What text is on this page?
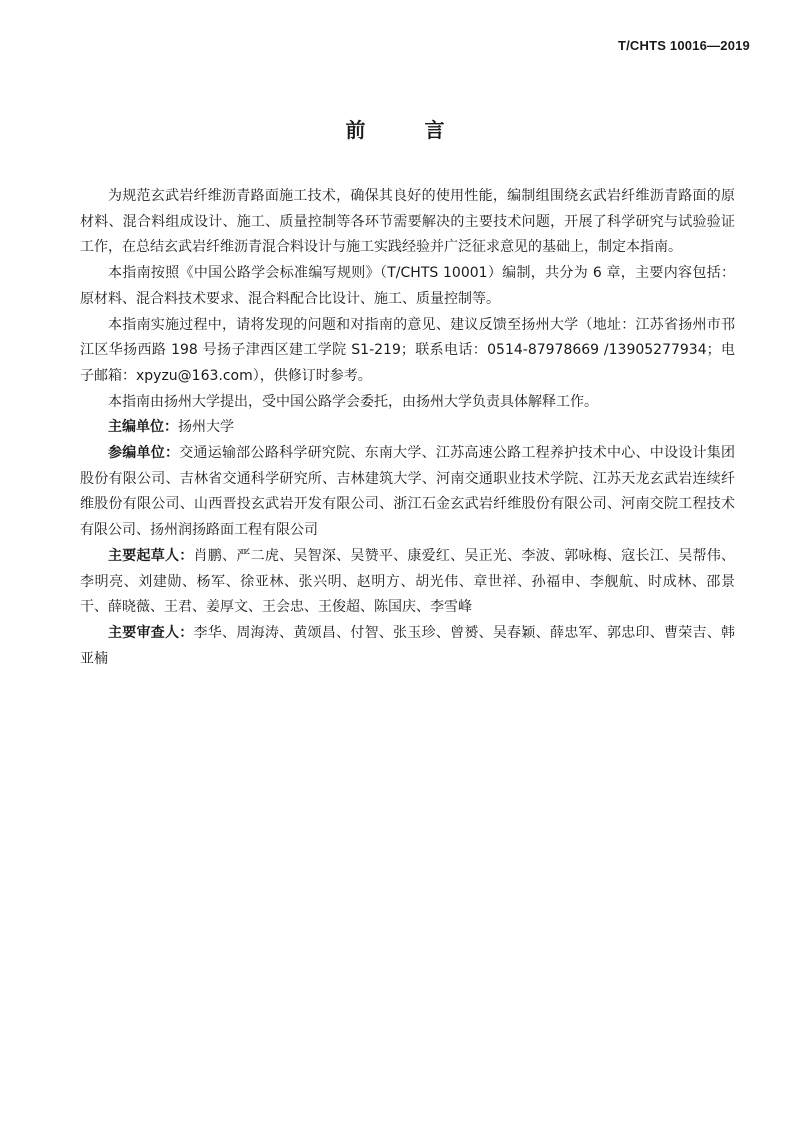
T/CHTS 10016—2019
前 言

为规范玄武岩纤维沥青路面施工技术，确保其良好的使用性能，编制组围绕玄武岩纤维沥青路面的原材料、混合料组成设计、施工、质量控制等各环节需要解决的主要技术问题，开展了科学研究与试验验证工作，在总结玄武岩纤维沥青混合料设计与施工实践经验并广泛征求意见的基础上，制定本指南。

本指南按照《中国公路学会标准编写规则》（T/CHTS 10001）编制，共分为 6 章，主要内容包括：原材料、混合料技术要求、混合料配合比设计、施工、质量控制等。

本指南实施过程中，请将发现的问题和对指南的意见、建议反馈至扬州大学（地址：江苏省扬州市邗江区华扬西路 198 号扬子津西区建工学院 S1-219；联系电话：0514-87978669 /13905277934；电子邮箱：xpyzu@163.com），供修订时参考。

本指南由扬州大学提出，受中国公路学会委托，由扬州大学负责具体解释工作。

主编单位：扬州大学

参编单位：交通运输部公路科学研究院、东南大学、江苏高速公路工程养护技术中心、中设设计集团股份有限公司、吉林省交通科学研究所、吉林建筑大学、河南交通职业技术学院、江苏天龙玄武岩连续纤维股份有限公司、山西晋投玄武岩开发有限公司、浙江石金玄武岩纤维股份有限公司、河南交院工程技术有限公司、扬州润扬路面工程有限公司

主要起草人：肖鹏、严二虎、吴智深、吴赞平、康爱红、吴正光、李波、郭咏梅、寇长江、吴帮伟、李明亮、刘建勋、杨军、徐亚林、张兴明、赵明方、胡光伟、章世祥、孙福申、李舰航、时成林、邵景干、薛晓薇、王君、姜厚文、王会忠、王俊超、陈国庆、李雪峰

主要审查人：李华、周海涛、黄颂昌、付智、张玉珍、曾赟、吴春颖、薛忠军、郭忠印、曹荣吉、韩亚楠
